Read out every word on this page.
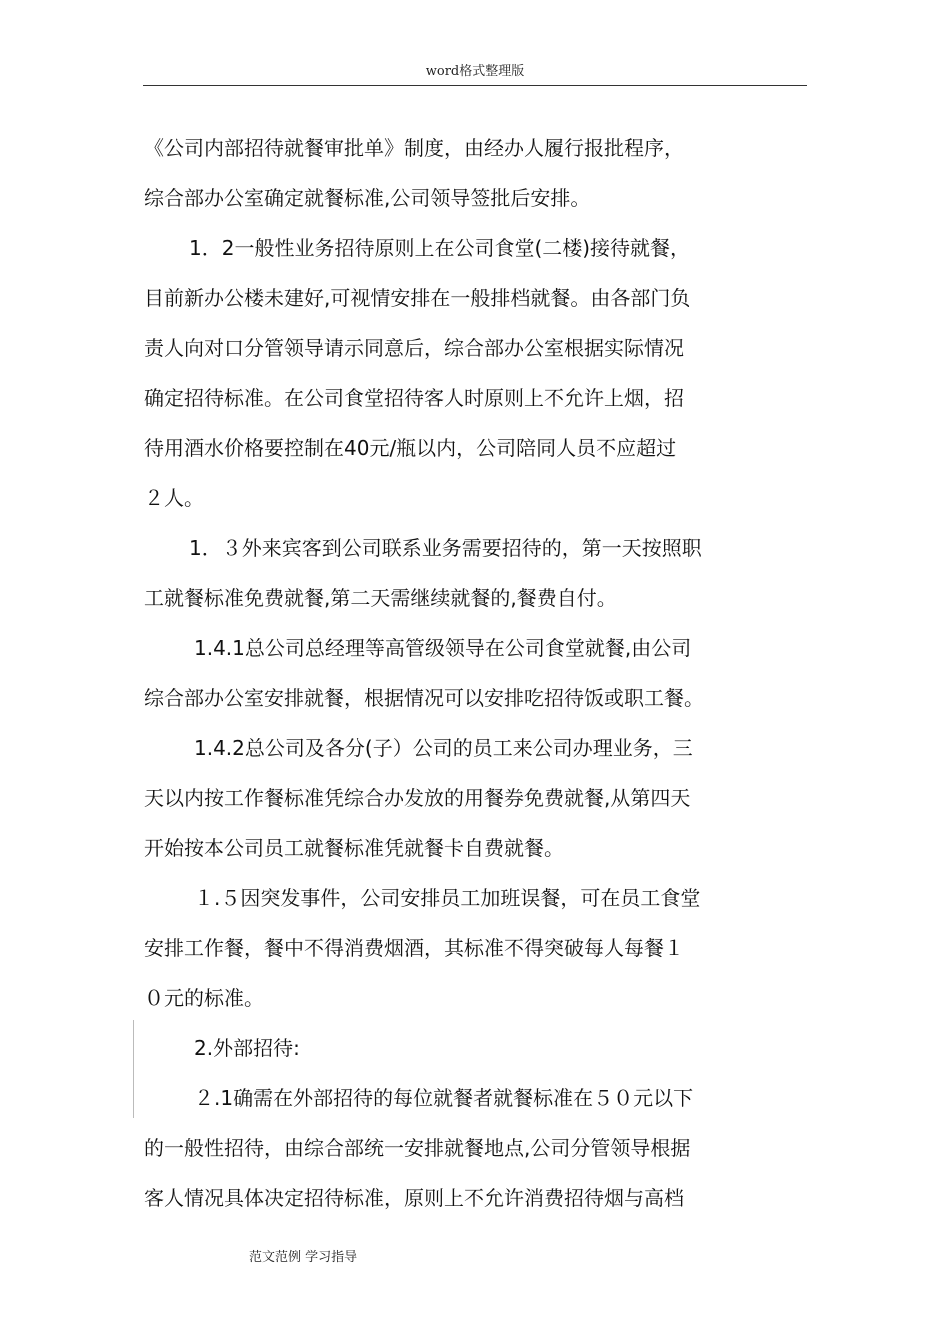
word格式整理版
《公司内部招待就餐审批单》制度，由经办人履行报批程序，
综合部办公室确定就餐标准,公司领导签批后安排。
1．2一般性业务招待原则上在公司食堂(二楼)接待就餐，
目前新办公楼未建好,可视情安排在一般排档就餐。由各部门负
责人向对口分管领导请示同意后，综合部办公室根据实际情况
确定招待标准。在公司食堂招待客人时原则上不允许上烟，招
待用酒水价格要控制在40元/瓶以内，公司陪同人员不应超过
２人。
1．３外来宾客到公司联系业务需要招待的，第一天按照职
工就餐标准免费就餐,第二天需继续就餐的,餐费自付。
1.4.1总公司总经理等高管级领导在公司食堂就餐,由公司
综合部办公室安排就餐，根据情况可以安排吃招待饭或职工餐。
1.4.2总公司及各分(子）公司的员工来公司办理业务，三
天以内按工作餐标准凭综合办发放的用餐券免费就餐,从第四天
开始按本公司员工就餐标准凭就餐卡自费就餐。
１.５因突发事件，公司安排员工加班误餐，可在员工食堂
安排工作餐，餐中不得消费烟酒，其标准不得突破每人每餐１
０元的标准。
2.外部招待:
２.1确需在外部招待的每位就餐者就餐标准在５０元以下
的一般性招待，由综合部统一安排就餐地点,公司分管领导根据
客人情况具体决定招待标准，原则上不允许消费招待烟与高档
范文范例 学习指导
